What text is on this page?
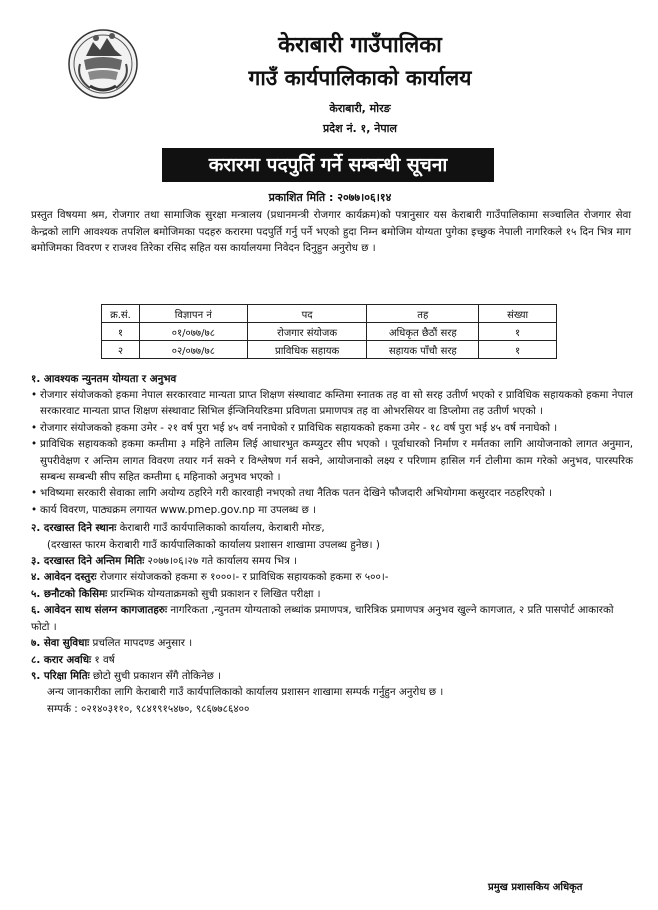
केराबारी गाउँपालिका
गाउँ कार्यपालिकाको कार्यालय
केराबारी, मोरङ
प्रदेश नं. १, नेपाल
करारमा पदपुर्ति गर्ने सम्बन्धी सूचना
प्रकाशित मिति : २०७७।०६।१४
प्रस्तुत विषयमा श्रम, रोजगार तथा सामाजिक सुरक्षा मन्त्रालय (प्रधानमन्त्री रोजगार कार्यक्रम)को पत्रानुसार यस केराबारी गाउँपालिकामा सञ्चालित रोजगार सेवा केन्द्रको लागि आवश्यक तपशिल बमोजिमका पदहरु करारमा पदपुर्ति गर्नु पर्ने भएको हुदा निम्न बमोजिम योग्यता पुगेका इच्छुक नेपाली नागरिकले १५ दिन भित्र माग बमोजिमका विवरण र राजश्व तिरेका रसिद सहित यस कार्यालयमा निवेदन दिनुहुन अनुरोध छ ।
क्र.सं.	विज्ञापन नं	पद	तह	संख्या
१	०१/०७७/७८	रोजगार संयोजक	अधिकृत छैठौं सरह	१
२	०२/०७७/७८	प्राविधिक सहायक	सहायक पाँचौ सरह	१
१. आवश्यक न्युनतम योग्यता र अनुभव
• रोजगार संयोजकको हकमा नेपाल सरकारवाट मान्यता प्राप्त शिक्षण संस्थावाट कम्तिमा स्नातक तह वा सो सरह उतीर्ण भएको र प्राविधिक सहायकको हकमा नेपाल सरकारवाट मान्यता प्राप्त शिक्षण संस्थावाट सिभिल ईन्जिनियरिङमा प्रविणता प्रमाणपत्र तह वा ओभरसियर वा डिप्लोमा तह उतीर्ण भएको ।
• रोजगार संयोजकको हकमा उमेर - २१ वर्ष पुरा भई ४५ वर्ष ननाघेको र प्राविधिक सहायकको हकमा उमेर - १८ वर्ष पुरा भई ४५ वर्ष ननाघेको ।
• प्राविधिक सहायकको हकमा कम्तीमा ३ महिने तालिम लिई आधारभुत कम्प्युटर सीप भएको । पूर्वाधारको निर्माण र मर्मतका लागि आयोजनाको लागत अनुमान, सुपरीवेक्षण र अन्तिम लागत विवरण तयार गर्न सक्ने र विश्लेषण गर्न सक्ने, आयोजनाको लक्ष्य र परिणाम हासिल गर्न टोलीमा काम गरेको अनुभव, पारस्परिक सम्बन्ध सम्बन्धी सीप सहित कम्तीमा ६ महिनाको अनुभव भएको ।
• भविष्यमा सरकारी सेवाका लागि अयोग्य ठहरिने गरी कारवाही नभएको तथा नैतिक पतन देखिने फौजदारी अभियोगमा कसुरदार नठहरिएको ।
• कार्य विवरण, पाठ्यक्रम लगायत www.pmep.gov.np मा उपलब्ध छ ।
२. दरखास्त दिने स्थानः केराबारी गाउँ कार्यपालिकाको कार्यालय, केराबारी मोरङ,
(दरखास्त फारम केराबारी गाउँ कार्यपालिकाको कार्यालय प्रशासन शाखामा उपलब्ध हुनेछ। )
३. दरखास्त दिने अन्तिम मितिः २०७७।०६।२७ गते कार्यालय समय भित्र ।
४. आवेदन दस्तुरः रोजगार संयोजकको हकमा रु १०००।- र प्राविधिक सहायकको हकमा रु ५००।-
५. छनौटको किसिमः प्रारम्भिक योग्यताक्रमको सुची प्रकाशन र लिखित परीक्षा ।
६. आवेदन साथ संलग्न कागजातहरुः नागरिकता ,न्युनतम योग्यताको लब्धांक प्रमाणपत्र, चारित्रिक प्रमाणपत्र अनुभव खुल्ने कागजात, २ प्रति पासपोर्ट आकारको फोटो ।
७. सेवा सुविधाः प्रचलित मापदण्ड अनुसार ।
८. करार अवधिः १ वर्ष
९. परिक्षा मितिः छोटो सुची प्रकाशन सँगै तोकिनेछ ।
अन्य जानकारीका लागि केराबारी गाउँ कार्यपालिकाको कार्यालय प्रशासन शाखामा सम्पर्क गर्नुहुन अनुरोध छ ।
सम्पर्क : ०२१४०३११०, ९८४१९१५४७०, ९८६७७८६४००
प्रमुख प्रशासकिय अधिकृत
